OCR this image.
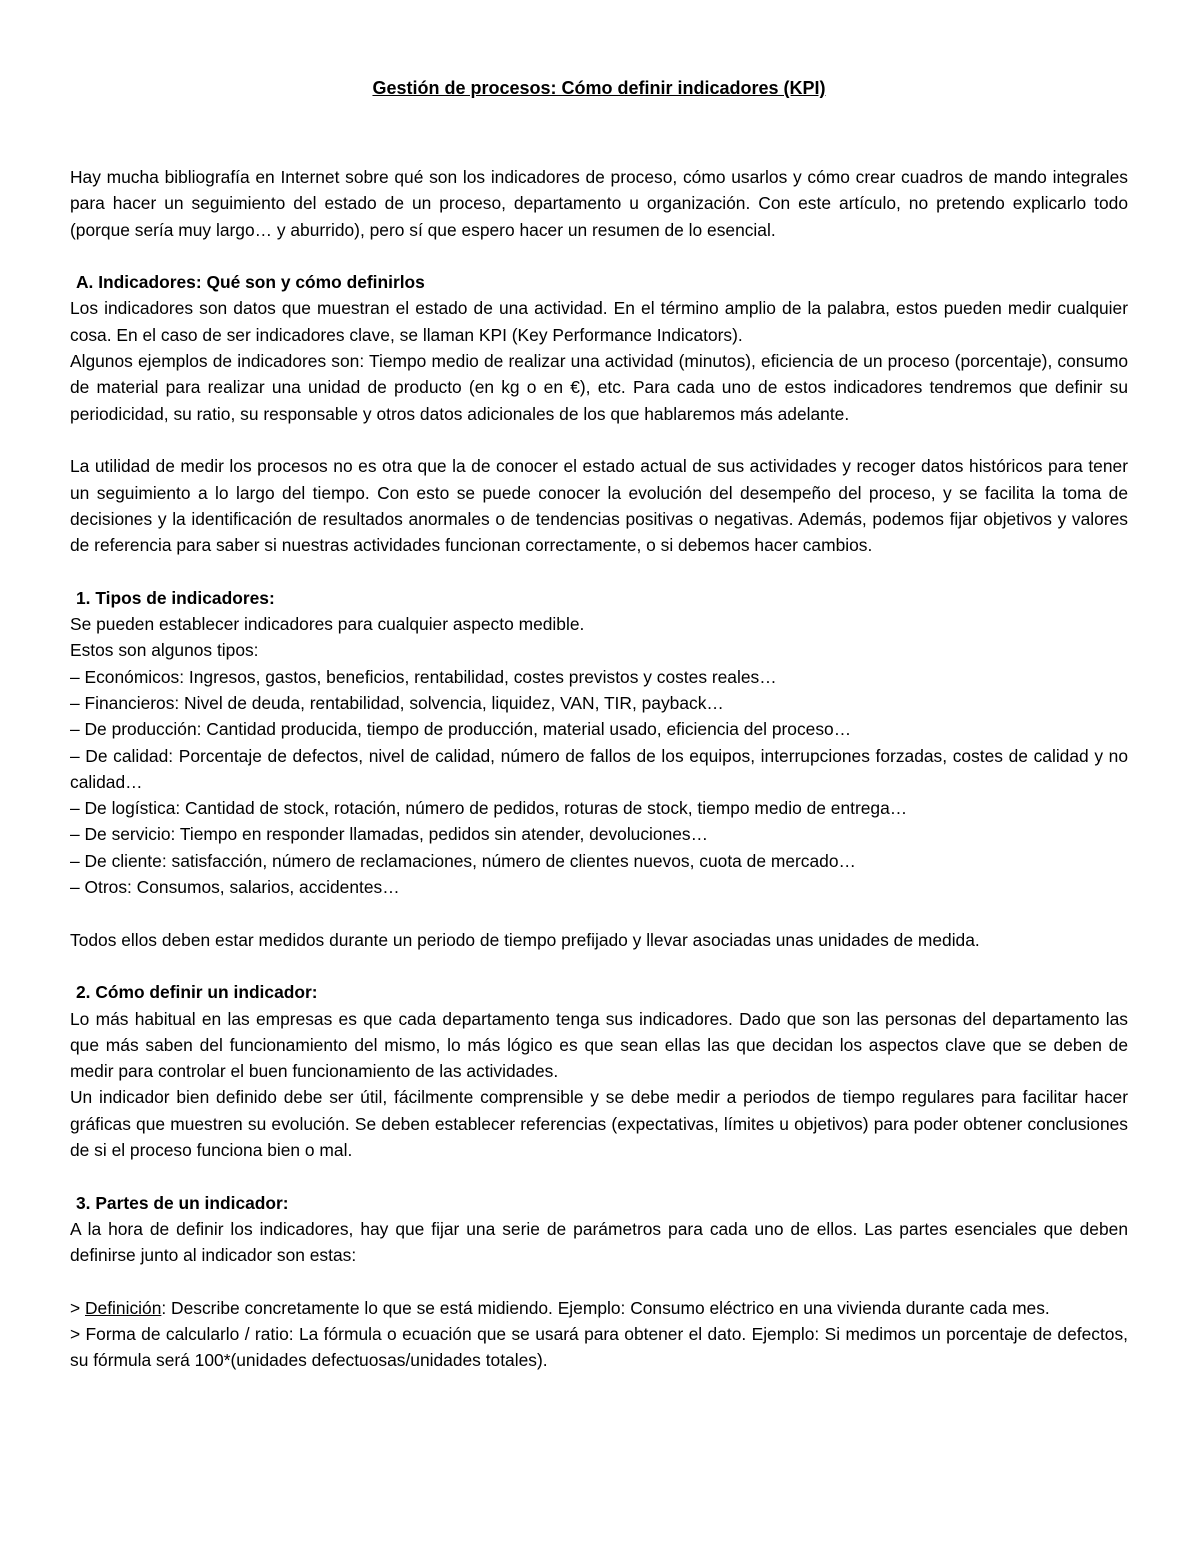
Gestión de procesos: Cómo definir indicadores (KPI)

Hay mucha bibliografía en Internet sobre qué son los indicadores de proceso, cómo usarlos y cómo crear cuadros de mando integrales para hacer un seguimiento del estado de un proceso, departamento u organización. Con este artículo, no pretendo explicarlo todo (porque sería muy largo… y aburrido), pero sí que espero hacer un resumen de lo esencial.

A. Indicadores: Qué son y cómo definirlos

Los indicadores son datos que muestran el estado de una actividad. En el término amplio de la palabra, estos pueden medir cualquier cosa. En el caso de ser indicadores clave, se llaman KPI (Key Performance Indicators).

Algunos ejemplos de indicadores son: Tiempo medio de realizar una actividad (minutos), eficiencia de un proceso (porcentaje), consumo de material para realizar una unidad de producto (en kg o en €), etc. Para cada uno de estos indicadores tendremos que definir su periodicidad, su ratio, su responsable y otros datos adicionales de los que hablaremos más adelante.

La utilidad de medir los procesos no es otra que la de conocer el estado actual de sus actividades y recoger datos históricos para tener un seguimiento a lo largo del tiempo. Con esto se puede conocer la evolución del desempeño del proceso, y se facilita la toma de decisiones y la identificación de resultados anormales o de tendencias positivas o negativas. Además, podemos fijar objetivos y valores de referencia para saber si nuestras actividades funcionan correctamente, o si debemos hacer cambios.

1. Tipos de indicadores:

Se pueden establecer indicadores para cualquier aspecto medible.

Estos son algunos tipos:

– Económicos: Ingresos, gastos, beneficios, rentabilidad, costes previstos y costes reales…

– Financieros: Nivel de deuda, rentabilidad, solvencia, liquidez, VAN, TIR, payback…

– De producción: Cantidad producida, tiempo de producción, material usado, eficiencia del proceso…

– De calidad: Porcentaje de defectos, nivel de calidad, número de fallos de los equipos, interrupciones forzadas, costes de calidad y no calidad…

– De logística: Cantidad de stock, rotación, número de pedidos, roturas de stock, tiempo medio de entrega…

– De servicio: Tiempo en responder llamadas, pedidos sin atender, devoluciones…

– De cliente: satisfacción, número de reclamaciones, número de clientes nuevos, cuota de mercado…

– Otros: Consumos, salarios, accidentes…

Todos ellos deben estar medidos durante un periodo de tiempo prefijado y llevar asociadas unas unidades de medida.

2. Cómo definir un indicador:

Lo más habitual en las empresas es que cada departamento tenga sus indicadores. Dado que son las personas del departamento las que más saben del funcionamiento del mismo, lo más lógico es que sean ellas las que decidan los aspectos clave que se deben de medir para controlar el buen funcionamiento de las actividades.

Un indicador bien definido debe ser útil, fácilmente comprensible y se debe medir a periodos de tiempo regulares para facilitar hacer gráficas que muestren su evolución. Se deben establecer referencias (expectativas, límites u objetivos) para poder obtener conclusiones de si el proceso funciona bien o mal.

3. Partes de un indicador:

A la hora de definir los indicadores, hay que fijar una serie de parámetros para cada uno de ellos. Las partes esenciales que deben definirse junto al indicador son estas:

> Definición: Describe concretamente lo que se está midiendo. Ejemplo: Consumo eléctrico en una vivienda durante cada mes.

> Forma de calcularlo / ratio: La fórmula o ecuación que se usará para obtener el dato. Ejemplo: Si medimos un porcentaje de defectos, su fórmula será 100*(unidades defectuosas/unidades totales).
